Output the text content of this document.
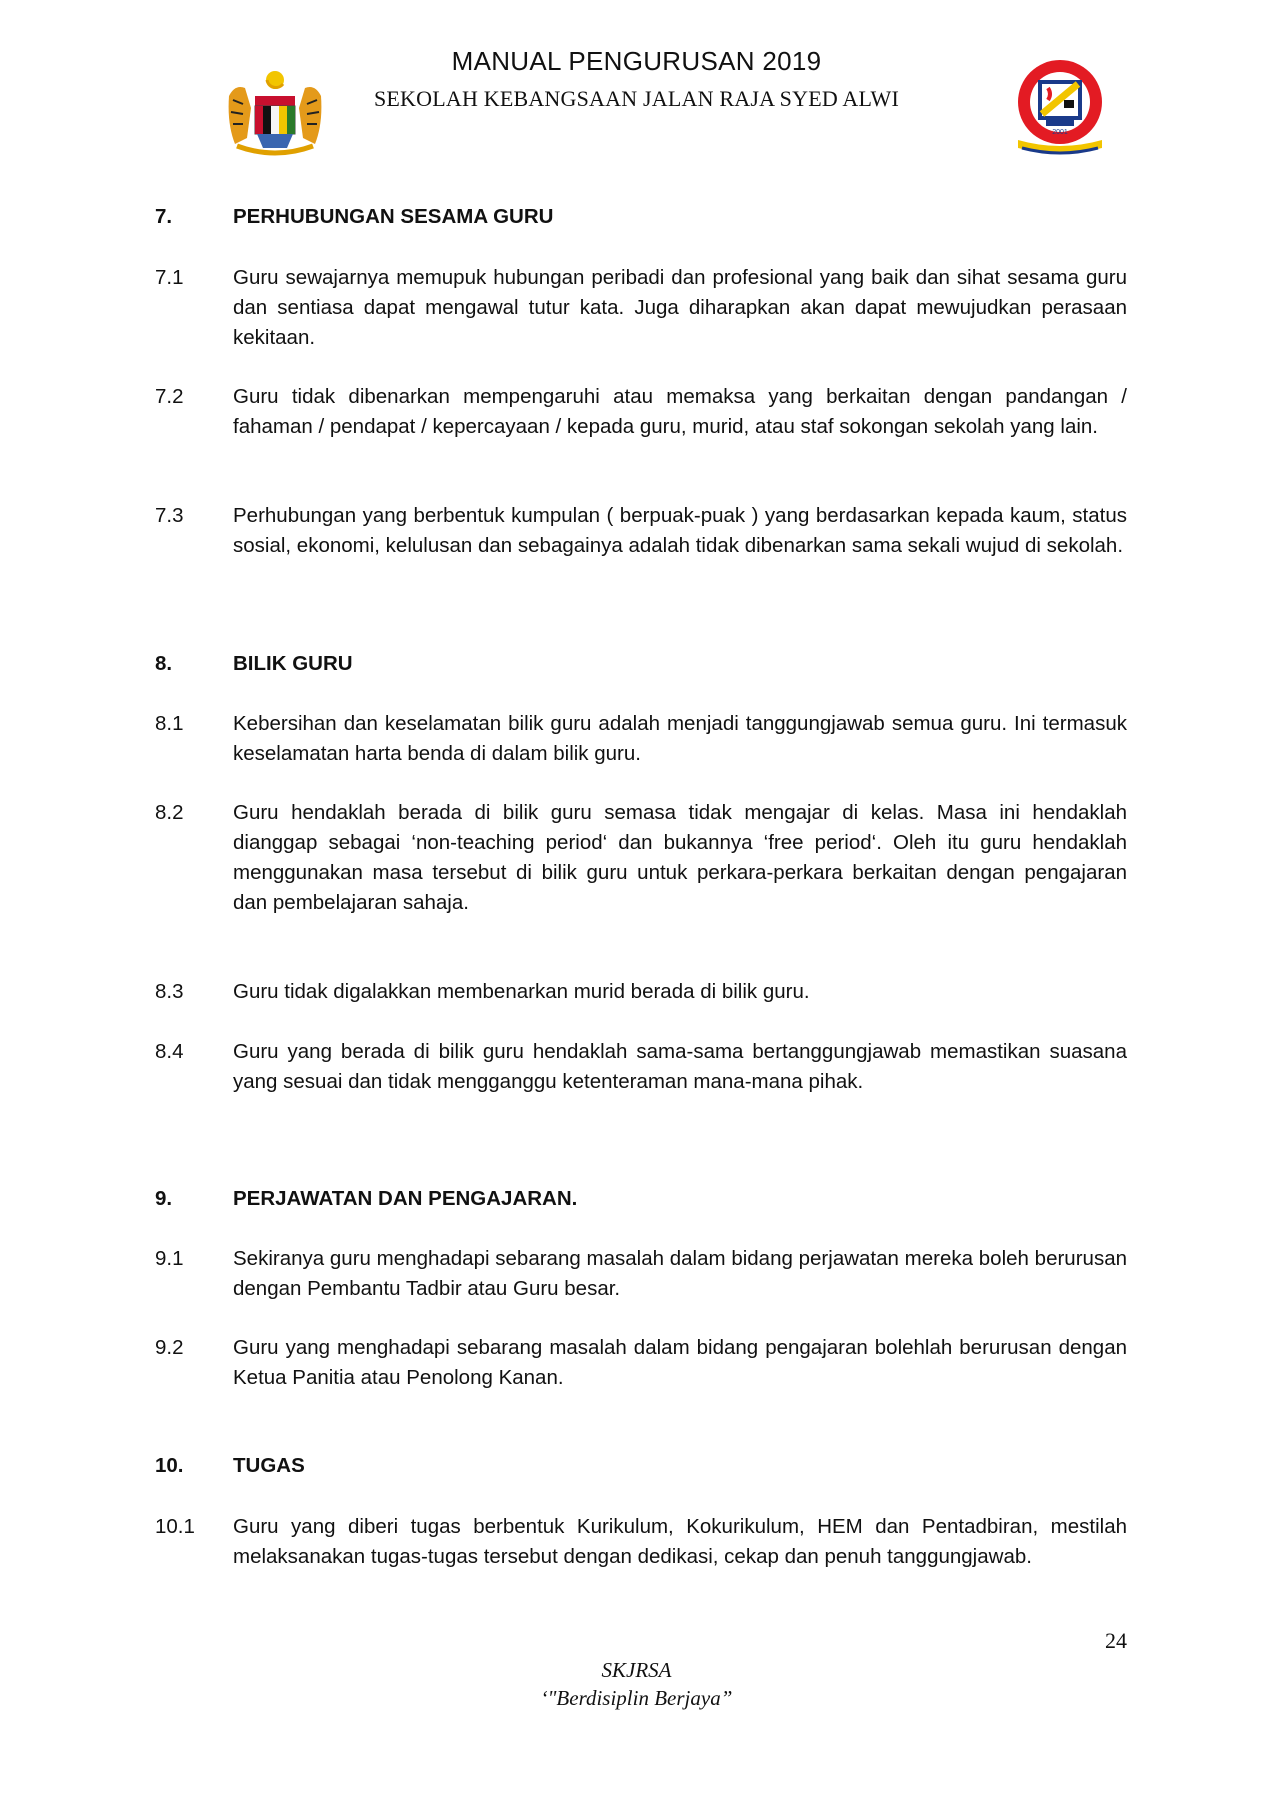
MANUAL PENGURUSAN 2019
SEKOLAH KEBANGSAAN JALAN RAJA SYED ALWI
2001
7.	PERHUBUNGAN SESAMA GURU
7.1 Guru sewajarnya memupuk hubungan peribadi dan profesional yang baik dan sihat sesama guru dan sentiasa dapat mengawal tutur kata. Juga diharapkan akan dapat mewujudkan perasaan kekitaan.
7.2 Guru tidak dibenarkan mempengaruhi atau memaksa yang berkaitan dengan pandangan / fahaman / pendapat / kepercayaan / kepada guru, murid, atau staf sokongan sekolah yang lain.
7.3 Perhubungan yang berbentuk kumpulan ( berpuak-puak ) yang berdasarkan kepada kaum, status sosial, ekonomi, kelulusan dan sebagainya adalah tidak dibenarkan sama sekali wujud di sekolah.
8.	BILIK GURU
8.1 Kebersihan dan keselamatan bilik guru adalah menjadi tanggungjawab semua guru. Ini termasuk keselamatan harta benda di dalam bilik guru.
8.2 Guru hendaklah berada di bilik guru semasa tidak mengajar di kelas. Masa ini hendaklah dianggap sebagai ‘non-teaching period‘ dan bukannya ‘free period‘. Oleh itu guru hendaklah menggunakan masa tersebut di bilik guru untuk perkara-perkara berkaitan dengan pengajaran dan pembelajaran sahaja.
8.3 Guru tidak digalakkan membenarkan murid berada di bilik guru.
8.4 Guru yang berada di bilik guru hendaklah sama-sama bertanggungjawab memastikan suasana yang sesuai dan tidak mengganggu ketenteraman mana-mana pihak.
9.	PERJAWATAN DAN PENGAJARAN.
9.1 Sekiranya guru menghadapi sebarang masalah dalam bidang perjawatan mereka boleh berurusan dengan Pembantu Tadbir atau Guru besar.
9.2 Guru yang menghadapi sebarang masalah dalam bidang pengajaran bolehlah berurusan dengan Ketua Panitia atau Penolong Kanan.
10. TUGAS
10.1 Guru yang diberi tugas berbentuk Kurikulum, Kokurikulum, HEM dan Pentadbiran, mestilah melaksanakan tugas-tugas tersebut dengan dedikasi, cekap dan penuh tanggungjawab.
24
SKJRSA
‘"Berdisiplin Berjaya”
